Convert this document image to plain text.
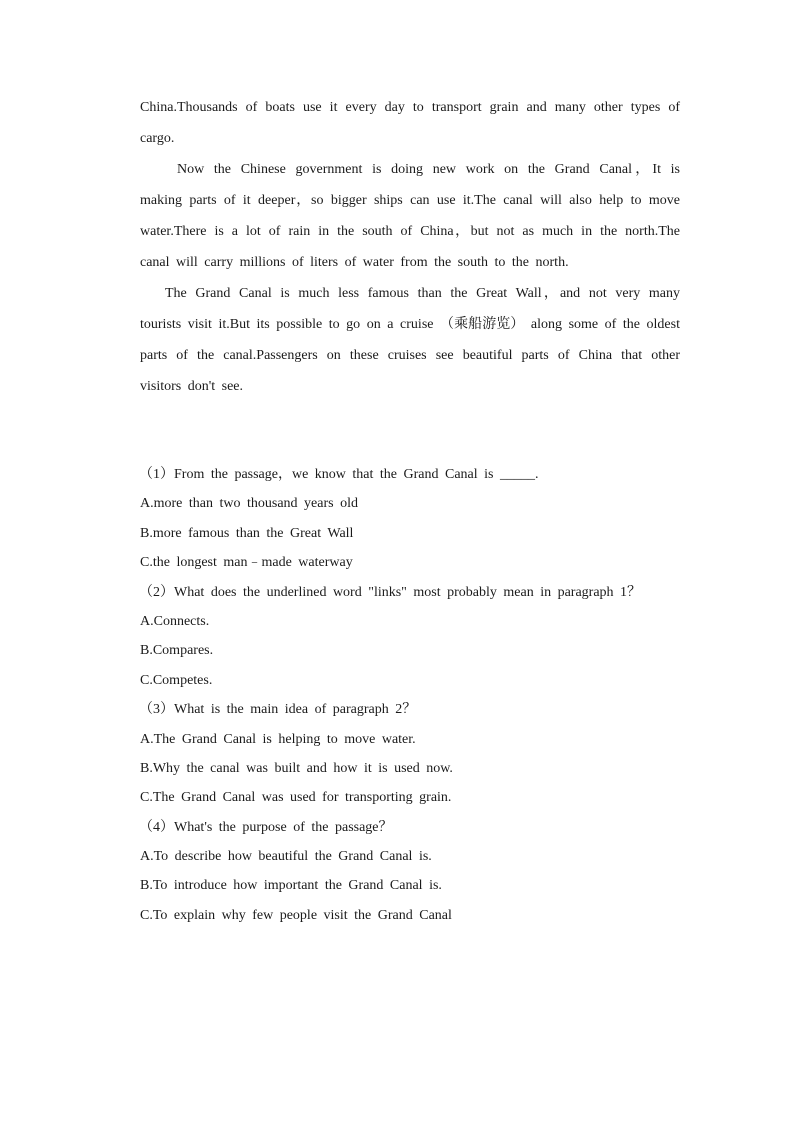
China.Thousands of boats use it every day to transport grain and many other types of cargo.

Now the Chinese government is doing new work on the Grand Canal，It is making parts of it deeper，so bigger ships can use it.The canal will also help to move water.There is a lot of rain in the south of China，but not as much in the north.The canal will carry millions of liters of water from the south to the north.

The Grand Canal is much less famous than the Great Wall，and not very many tourists visit it.But its possible to go on a cruise （乘船游览） along some of the oldest parts of the canal.Passengers on these cruises see beautiful parts of China that other visitors don't see.

（1）From the passage，we know that the Grand Canal is _____.
A.more than two thousand years old
B.more famous than the Great Wall
C.the longest man﹣made waterway
（2）What does the underlined word "links" most probably mean in paragraph 1？
A.Connects.
B.Compares.
C.Competes.
（3）What is the main idea of paragraph 2？
A.The Grand Canal is helping to move water.
B.Why the canal was built and how it is used now.
C.The Grand Canal was used for transporting grain.
（4）What's the purpose of the passage？
A.To describe how beautiful the Grand Canal is.
B.To introduce how important the Grand Canal is.
C.To explain why few people visit the Grand Canal
